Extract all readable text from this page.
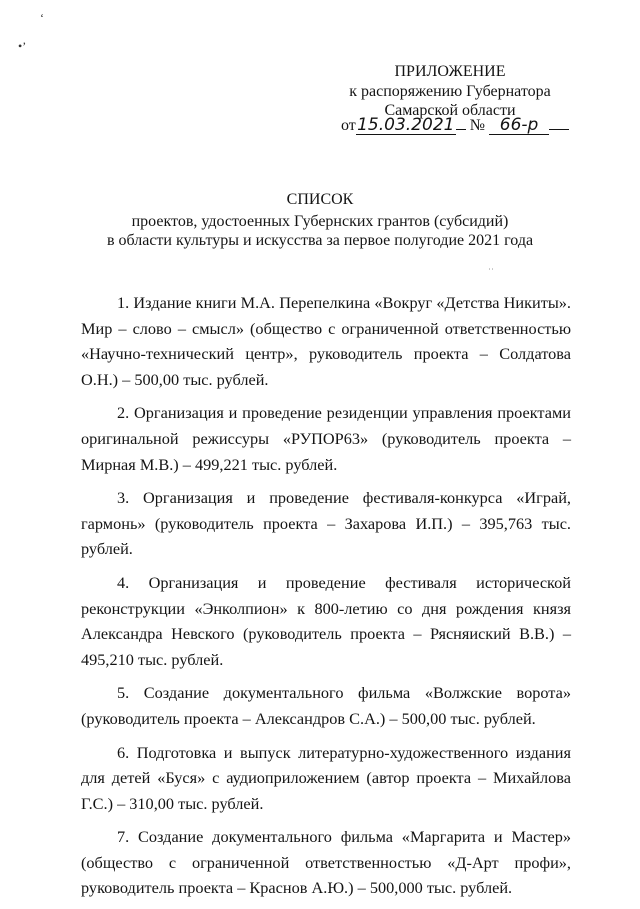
‘
•’
ПРИЛОЖЕНИЕ
к распоряжению Губернатора
Самарской области
от15.03.2021 № 66-р
СПИСОК
проектов, удостоенных Губернских грантов (субсидий)
в области культуры и искусства за первое полугодие 2021 года
˙˙

1. Издание книги М.А. Перепелкина «Вокруг «Детства Никиты». Мир – слово – смысл» (общество с ограниченной ответственностью «Научно-технический центр», руководитель проекта – Солдатова О.Н.) – 500,00 тыс. рублей.

2. Организация и проведение резиденции управления проектами оригинальной режиссуры «РУПОР63» (руководитель проекта – Мирная М.В.) – 499,221 тыс. рублей.

3. Организация и проведение фестиваля-конкурса «Играй, гармонь» (руководитель проекта – Захарова И.П.) – 395,763 тыс. рублей.

4. Организация и проведение фестиваля исторической реконструкции «Энколпион» к 800-летию со дня рождения князя Александра Невского (руководитель проекта – Рясняиский В.В.) – 495,210 тыс. рублей.

5. Создание документального фильма «Волжские ворота» (руководитель проекта – Александров С.А.) – 500,00 тыс. рублей.

6. Подготовка и выпуск литературно-художественного издания для детей «Буся» с аудиоприложением (автор проекта – Михайлова Г.С.) – 310,00 тыс. рублей.

7. Создание документального фильма «Маргарита и Мастер» (общество с ограниченной ответственностью «Д-Арт профи», руководитель проекта – Краснов А.Ю.) – 500,000 тыс. рублей.
